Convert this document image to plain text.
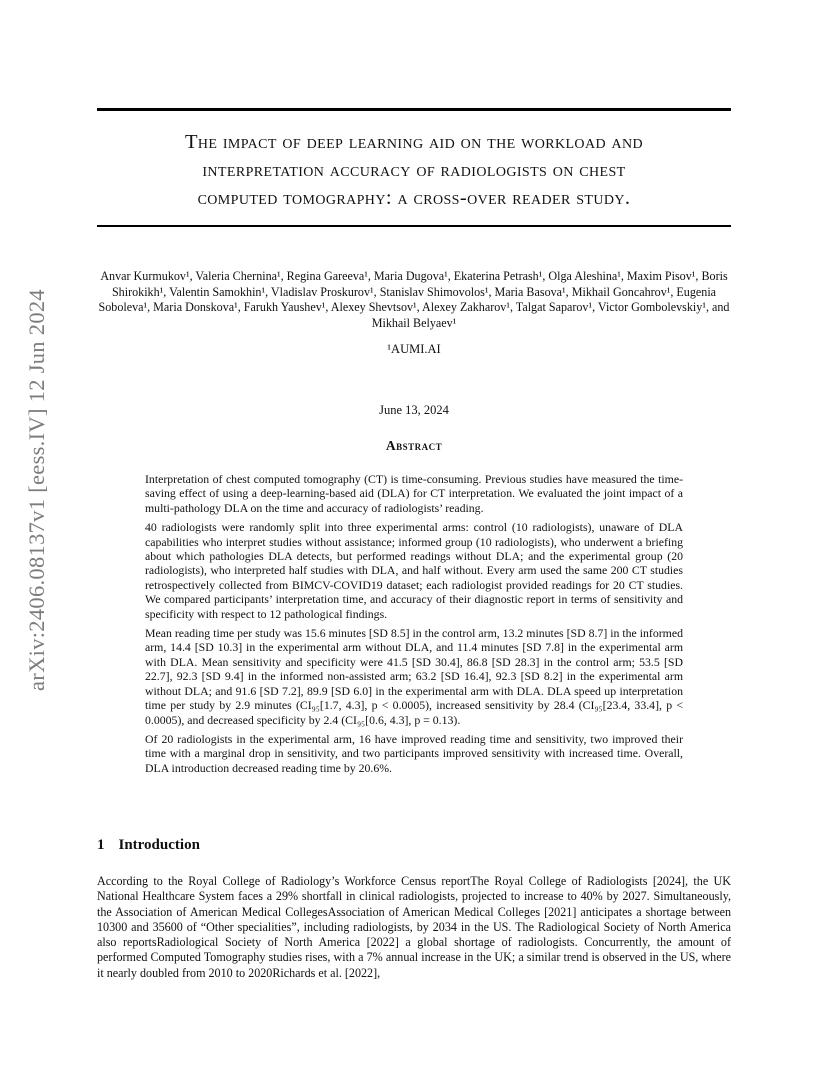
arXiv:2406.08137v1 [eess.IV] 12 Jun 2024
The impact of deep learning aid on the workload and
interpretation accuracy of radiologists on chest
computed tomography: a cross-over reader study.
Anvar Kurmukov¹, Valeria Chernina¹, Regina Gareeva¹, Maria Dugova¹, Ekaterina Petrash¹, Olga Aleshina¹, Maxim Pisov¹, Boris Shirokikh¹, Valentin Samokhin¹, Vladislav Proskurov¹, Stanislav Shimovolos¹, Maria Basova¹, Mikhail Goncahrov¹, Eugenia Soboleva¹, Maria Donskova¹, Farukh Yaushev¹, Alexey Shevtsov¹, Alexey Zakharov¹, Talgat Saparov¹, Victor Gombolevskiy¹, and Mikhail Belyaev¹
¹AUMI.AI
June 13, 2024
Abstract

Interpretation of chest computed tomography (CT) is time-consuming. Previous studies have measured the time-saving effect of using a deep-learning-based aid (DLA) for CT interpretation. We evaluated the joint impact of a multi-pathology DLA on the time and accuracy of radiologists’ reading.

40 radiologists were randomly split into three experimental arms: control (10 radiologists), unaware of DLA capabilities who interpret studies without assistance; informed group (10 radiologists), who underwent a briefing about which pathologies DLA detects, but performed readings without DLA; and the experimental group (20 radiologists), who interpreted half studies with DLA, and half without. Every arm used the same 200 CT studies retrospectively collected from BIMCV-COVID19 dataset; each radiologist provided readings for 20 CT studies. We compared participants’ interpretation time, and accuracy of their diagnostic report in terms of sensitivity and specificity with respect to 12 pathological findings.

Mean reading time per study was 15.6 minutes [SD 8.5] in the control arm, 13.2 minutes [SD 8.7] in the informed arm, 14.4 [SD 10.3] in the experimental arm without DLA, and 11.4 minutes [SD 7.8] in the experimental arm with DLA. Mean sensitivity and specificity were 41.5 [SD 30.4], 86.8 [SD 28.3] in the control arm; 53.5 [SD 22.7], 92.3 [SD 9.4] in the informed non-assisted arm; 63.2 [SD 16.4], 92.3 [SD 8.2] in the experimental arm without DLA; and 91.6 [SD 7.2], 89.9 [SD 6.0] in the experimental arm with DLA. DLA speed up interpretation time per study by 2.9 minutes (CI₉₅[1.7, 4.3], p < 0.0005), increased sensitivity by 28.4 (CI₉₅[23.4, 33.4], p < 0.0005), and decreased specificity by 2.4 (CI₉₅[0.6, 4.3], p = 0.13).

Of 20 radiologists in the experimental arm, 16 have improved reading time and sensitivity, two improved their time with a marginal drop in sensitivity, and two participants improved sensitivity with increased time. Overall, DLA introduction decreased reading time by 20.6%.

1 Introduction

According to the Royal College of Radiology’s Workforce Census reportThe Royal College of Radiologists [2024], the UK National Healthcare System faces a 29% shortfall in clinical radiologists, projected to increase to 40% by 2027. Simultaneously, the Association of American Medical CollegesAssociation of American Medical Colleges [2021] anticipates a shortage between 10300 and 35600 of “Other specialities”, including radiologists, by 2034 in the US. The Radiological Society of North America also reportsRadiological Society of North America [2022] a global shortage of radiologists. Concurrently, the amount of performed Computed Tomography studies rises, with a 7% annual increase in the UK; a similar trend is observed in the US, where it nearly doubled from 2010 to 2020Richards et al. [2022],
